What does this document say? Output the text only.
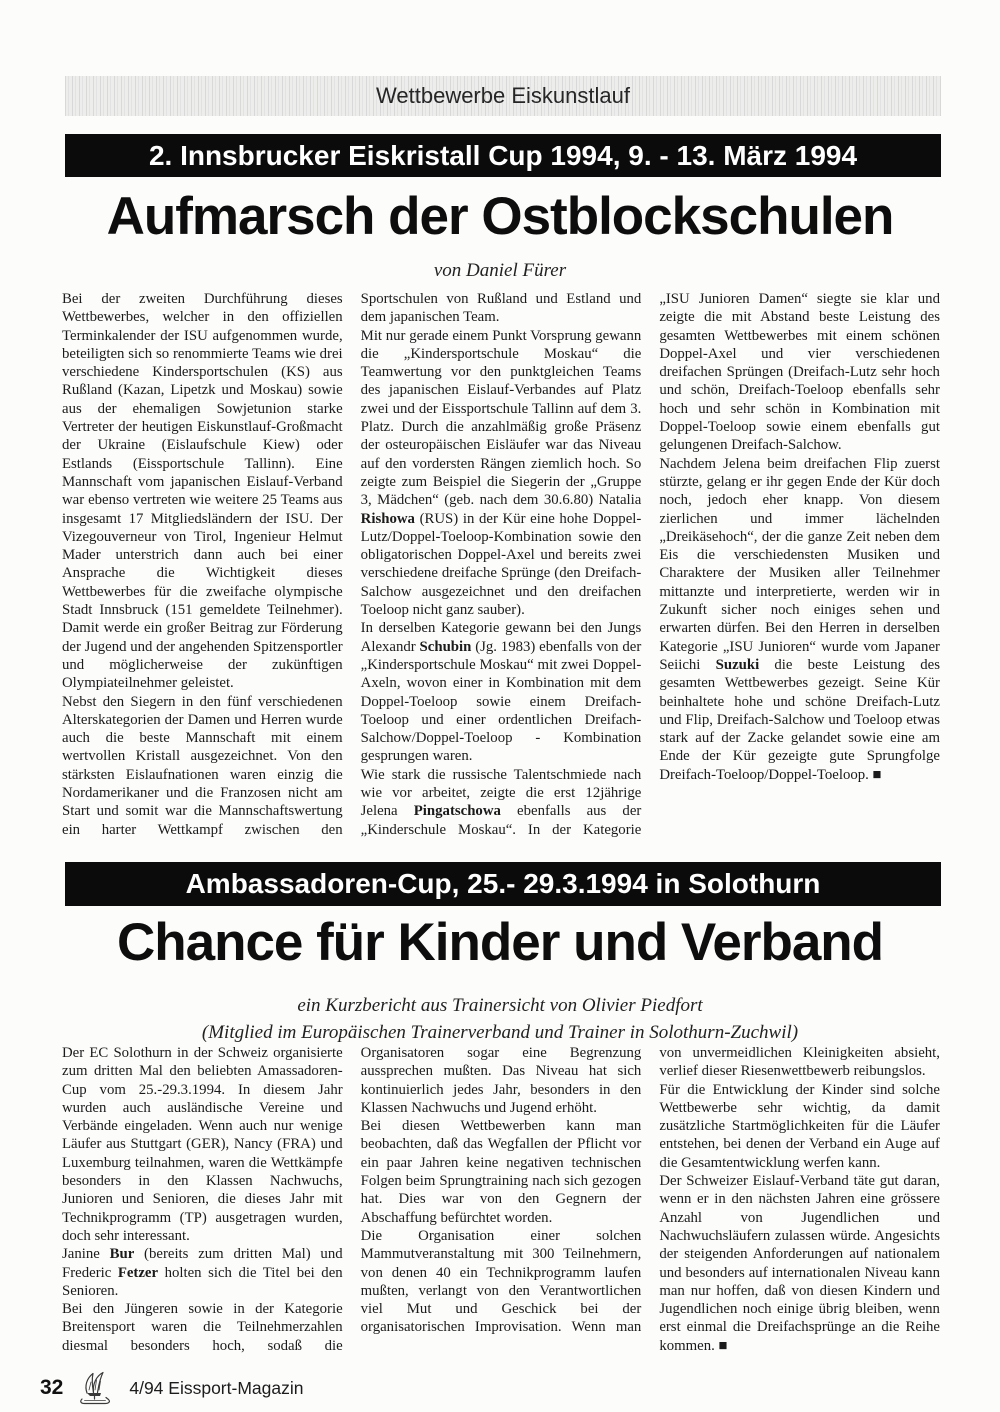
Wettbewerbe Eiskunstlauf
2. Innsbrucker Eiskristall Cup 1994, 9. - 13. März 1994
Aufmarsch der Ostblockschulen
von Daniel Fürer

Bei der zweiten Durchführung dieses Wettbewerbes, welcher in den offiziellen Terminkalender der ISU aufgenommen wurde, beteiligten sich so renommierte Teams wie drei verschiedene Kindersportschulen (KS) aus Rußland (Kazan, Lipetzk und Moskau) sowie aus der ehemaligen Sowjetunion starke Vertreter der heutigen Eiskunstlauf-Großmacht der Ukraine (Eislaufschule Kiew) oder Estlands (Eissportschule Tallinn). Eine Mannschaft vom japanischen Eislauf-Verband war ebenso vertreten wie weitere 25 Teams aus insgesamt 17 Mitgliedsländern der ISU. Der Vizegouverneur von Tirol, Ingenieur Helmut Mader unterstrich dann auch bei einer Ansprache die Wichtigkeit dieses Wettbewerbes für die zweifache olympische Stadt Innsbruck (151 gemeldete Teilnehmer). Damit werde ein großer Beitrag zur Förderung der Jugend und der angehenden Spitzensportler und möglicherweise der zukünftigen Olympiateilnehmer geleistet.

Nebst den Siegern in den fünf verschiedenen Alterskategorien der Damen und Herren wurde auch die beste Mannschaft mit einem wertvollen Kristall ausgezeichnet. Von den stärksten Eislaufnationen waren einzig die Nordamerikaner und die Franzosen nicht am Start und somit war die Mannschaftswertung ein harter Wettkampf zwischen den Sportschulen von Rußland und Estland und dem japanischen Team.

Mit nur gerade einem Punkt Vorsprung gewann die „Kindersportschule Moskau“ die Teamwertung vor den punktgleichen Teams des japanischen Eislauf-Verbandes auf Platz zwei und der Eissportschule Tallinn auf dem 3. Platz. Durch die anzahlmäßig große Präsenz der osteuropäischen Eisläufer war das Niveau auf den vordersten Rängen ziemlich hoch. So zeigte zum Beispiel die Siegerin der „Gruppe 3, Mädchen“ (geb. nach dem 30.6.80) Natalia Rishowa (RUS) in der Kür eine hohe Doppel-Lutz/Doppel-Toeloop-Kombination sowie den obligatorischen Doppel-Axel und bereits zwei verschiedene dreifache Sprünge (den Dreifach-Salchow ausgezeichnet und den dreifachen Toeloop nicht ganz sauber).

In derselben Kategorie gewann bei den Jungs Alexandr Schubin (Jg. 1983) ebenfalls von der „Kindersportschule Moskau“ mit zwei Doppel-Axeln, wovon einer in Kombination mit dem Doppel-Toeloop sowie einem Dreifach-Toeloop und einer ordentlichen Dreifach-Salchow/Doppel-Toeloop - Kombination gesprungen waren.

Wie stark die russische Talentschmiede nach wie vor arbeitet, zeigte die erst 12jährige Jelena Pingatschowa ebenfalls aus der „Kinderschule Moskau“. In der Kategorie „ISU Junioren Damen“ siegte sie klar und zeigte die mit Abstand beste Leistung des gesamten Wettbewerbes mit einem schönen Doppel-Axel und vier verschiedenen dreifachen Sprüngen (Dreifach-Lutz sehr hoch und schön, Dreifach-Toeloop ebenfalls sehr hoch und sehr schön in Kombination mit Doppel-Toeloop sowie einem ebenfalls gut gelungenen Dreifach-Salchow.

Nachdem Jelena beim dreifachen Flip zuerst stürzte, gelang er ihr gegen Ende der Kür doch noch, jedoch eher knapp. Von diesem zierlichen und immer lächelnden „Dreikäsehoch“, der die ganze Zeit neben dem Eis die verschiedensten Musiken und Charaktere der Musiken aller Teilnehmer mittanzte und interpretierte, werden wir in Zukunft sicher noch einiges sehen und erwarten dürfen. Bei den Herren in derselben Kategorie „ISU Junioren“ wurde vom Japaner Seiichi Suzuki die beste Leistung des gesamten Wettbewerbes gezeigt. Seine Kür beinhaltete hohe und schöne Dreifach-Lutz und Flip, Dreifach-Salchow und Toeloop etwas stark auf der Zacke gelandet sowie eine am Ende der Kür gezeigte gute Sprungfolge Dreifach-Toeloop/Doppel-Toeloop. ■

Ambassadoren-Cup, 25.- 29.3.1994 in Solothurn
Chance für Kinder und Verband
ein Kurzbericht aus Trainersicht von Olivier Piedfort
(Mitglied im Europäischen Trainerverband und Trainer in Solothurn-Zuchwil)

Der EC Solothurn in der Schweiz organisierte zum dritten Mal den beliebten Amassadoren-Cup vom 25.-29.3.1994. In diesem Jahr wurden auch ausländische Vereine und Verbände eingeladen. Wenn auch nur wenige Läufer aus Stuttgart (GER), Nancy (FRA) und Luxemburg teilnahmen, waren die Wettkämpfe besonders in den Klassen Nachwuchs, Junioren und Senioren, die dieses Jahr mit Technikprogramm (TP) ausgetragen wurden, doch sehr interessant.

Janine Bur (bereits zum dritten Mal) und Frederic Fetzer holten sich die Titel bei den Senioren.

Bei den Jüngeren sowie in der Kategorie Breitensport waren die Teilnehmerzahlen diesmal besonders hoch, sodaß die Organisatoren sogar eine Begrenzung aussprechen mußten. Das Niveau hat sich kontinuierlich jedes Jahr, besonders in den Klassen Nachwuchs und Jugend erhöht.

Bei diesen Wettbewerben kann man beobachten, daß das Wegfallen der Pflicht vor ein paar Jahren keine negativen technischen Folgen beim Sprungtraining nach sich gezogen hat. Dies war von den Gegnern der Abschaffung befürchtet worden.

Die Organisation einer solchen Mammutveranstaltung mit 300 Teilnehmern, von denen 40 ein Technikprogramm laufen mußten, verlangt von den Verantwortlichen viel Mut und Geschick bei der organisatorischen Improvisation. Wenn man von unvermeidlichen Kleinigkeiten absieht, verlief dieser Riesenwettbewerb reibungslos.

Für die Entwicklung der Kinder sind solche Wettbewerbe sehr wichtig, da damit zusätzliche Startmöglichkeiten für die Läufer entstehen, bei denen der Verband ein Auge auf die Gesamtentwicklung werfen kann.

Der Schweizer Eislauf-Verband täte gut daran, wenn er in den nächsten Jahren eine grössere Anzahl von Jugendlichen und Nachwuchsläufern zulassen würde. Angesichts der steigenden Anforderungen auf nationalem und besonders auf internationalen Niveau kann man nur hoffen, daß von diesen Kindern und Jugendlichen noch einige übrig bleiben, wenn erst einmal die Dreifachsprünge an die Reihe kommen. ■

32	4/94 Eissport-Magazin
